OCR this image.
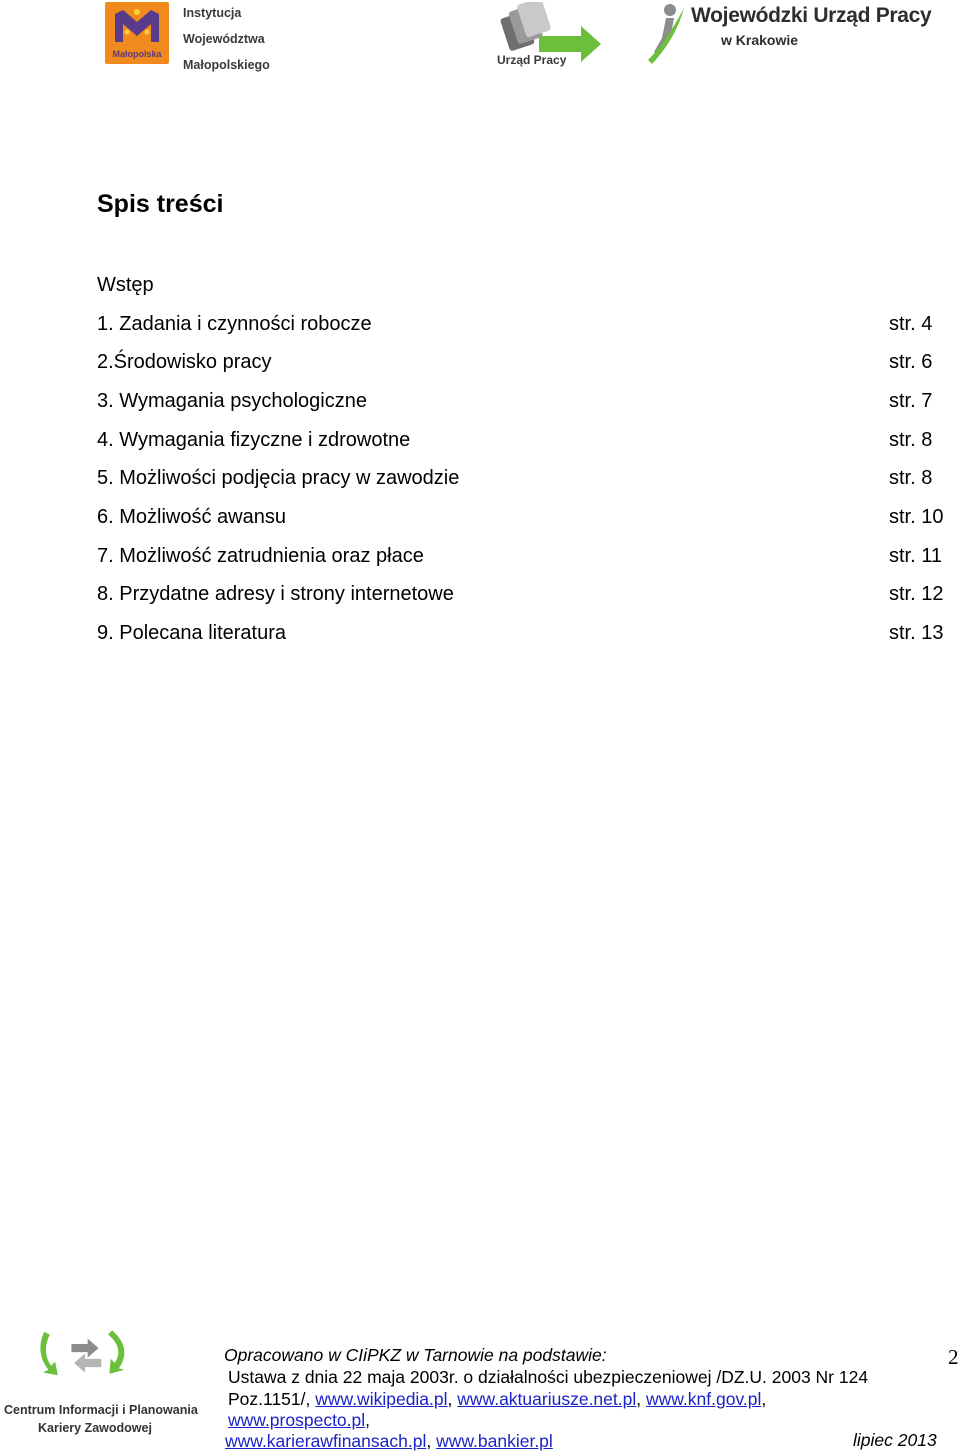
Małopolska
Instytucja
Województwa
Małopolskiego	Urząd Pracy
Wojewódzki Urząd Pracy
w Krakowie
Spis treści
Wstęp
1. Zadania i czynności robocze	str. 4
2.Środowisko pracy	str. 6
3. Wymagania psychologiczne	str. 7
4. Wymagania fizyczne i zdrowotne	str. 8
5. Możliwości podjęcia pracy w zawodzie	str. 8
6. Możliwość awansu	str. 10
7. Możliwość zatrudnienia oraz płace	str. 11
8. Przydatne adresy i strony internetowe	str. 12
9. Polecana literatura	str. 13
Centrum Informacji i Planowania
Kariery Zawodowej
Opracowano w CIiPKZ w Tarnowie na podstawie:
Ustawa z dnia 22 maja 2003r. o działalności ubezpieczeniowej /DZ.U. 2003 Nr 124
Poz.1151/, www.wikipedia.pl, www.aktuariusze.net.pl, www.knf.gov.pl,
www.prospecto.pl,
www.karierawfinansach.pl, www.bankier.pl
2
lipiec 2013
